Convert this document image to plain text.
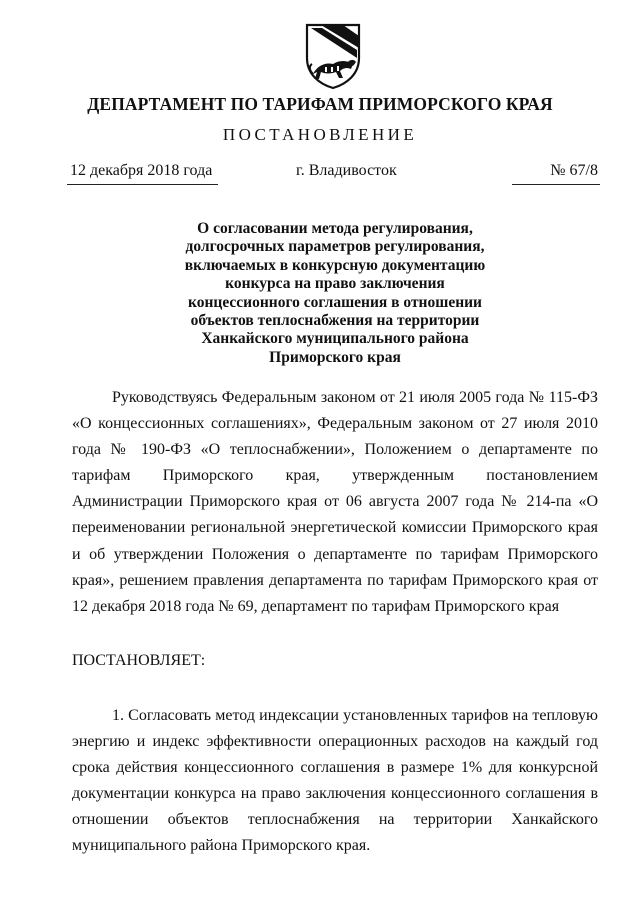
ДЕПАРТАМЕНТ ПО ТАРИФАМ ПРИМОРСКОГО КРАЯ
ПОСТАНОВЛЕНИЕ
12 декабря 2018 года	г. Владивосток	№ 67/8
О согласовании метода регулирования,
долгосрочных параметров регулирования,
включаемых в конкурсную документацию
конкурса на право заключения
концессионного соглашения в отношении
объектов теплоснабжения на территории
Ханкайского муниципального района
Приморского края
Руководствуясь Федеральным законом от 21 июля 2005 года № 115-ФЗ «О концессионных соглашениях», Федеральным законом от 27 июля 2010 года № 190-ФЗ «О теплоснабжении», Положением о департаменте по тарифам Приморского края, утвержденным постановлением Администрации Приморского края от 06 августа 2007 года № 214-па «О переименовании региональной энергетической комиссии Приморского края и об утверждении Положения о департаменте по тарифам Приморского края», решением правления департамента по тарифам Приморского края от 12 декабря 2018 года № 69, департамент по тарифам Приморского края
ПОСТАНОВЛЯЕТ:
1. Согласовать метод индексации установленных тарифов на тепловую энергию и индекс эффективности операционных расходов на каждый год срока действия концессионного соглашения в размере 1% для конкурсной документации конкурса на право заключения концессионного соглашения в отношении объектов теплоснабжения на территории Ханкайского муниципального района Приморского края.
